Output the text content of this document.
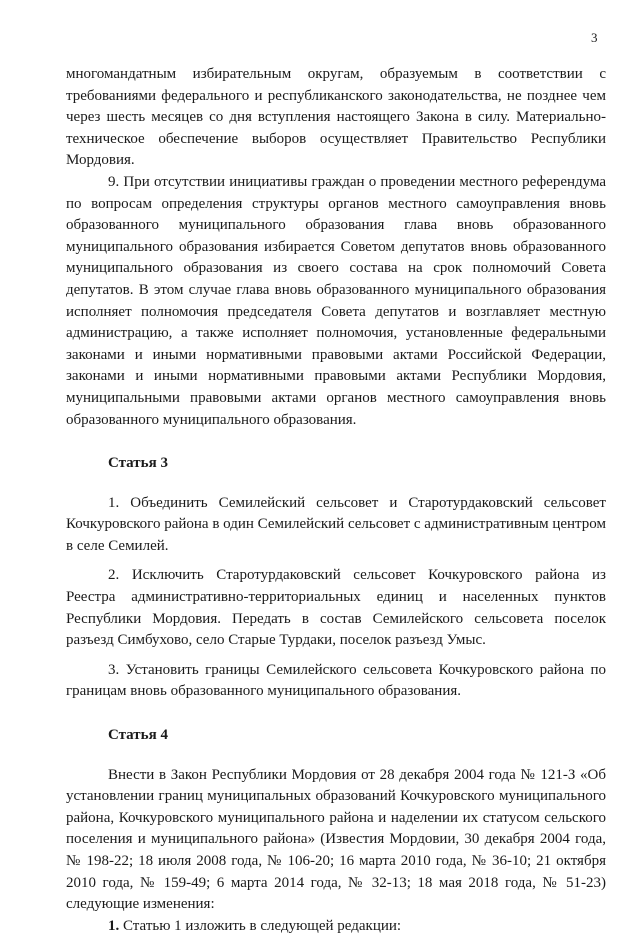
3

многомандатным избирательным округам, образуемым в соответствии с требованиями федерального и республиканского законодательства, не позднее чем через шесть месяцев со дня вступления настоящего Закона в силу. Материально-техническое обеспечение выборов осуществляет Правительство Республики Мордовия.

9. При отсутствии инициативы граждан о проведении местного референдума по вопросам определения структуры органов местного самоуправления вновь образованного муниципального образования глава вновь образованного муниципального образования избирается Советом депутатов вновь образованного муниципального образования из своего состава на срок полномочий Совета депутатов. В этом случае глава вновь образованного муниципального образования исполняет полномочия председателя Совета депутатов и возглавляет местную администрацию, а также исполняет полномочия, установленные федеральными законами и иными нормативными правовыми актами Российской Федерации, законами и иными нормативными правовыми актами Республики Мордовия, муниципальными правовыми актами органов местного самоуправления вновь образованного муниципального образования.

Статья 3

1. Объединить Семилейский сельсовет и Старотурдаковский сельсовет Кочкуровского района в один Семилейский сельсовет с административным центром в селе Семилей.

2. Исключить Старотурдаковский сельсовет Кочкуровского района из Реестра административно-территориальных единиц и населенных пунктов Республики Мордовия. Передать в состав Семилейского сельсовета поселок разъезд Симбухово, село Старые Турдаки, поселок разъезд Умыс.

3. Установить границы Семилейского сельсовета Кочкуровского района по границам вновь образованного муниципального образования.

Статья 4

Внести в Закон Республики Мордовия от 28 декабря 2004 года № 121-З «Об установлении границ муниципальных образований Кочкуровского муниципального района, Кочкуровского муниципального района и наделении их статусом сельского поселения и муниципального района» (Известия Мордовии, 30 декабря 2004 года, № 198-22; 18 июля 2008 года, № 106-20; 16 марта 2010 года, № 36-10; 21 октября 2010 года, № 159-49; 6 марта 2014 года, № 32-13; 18 мая 2018 года, № 51-23) следующие изменения:

1. Статью 1 изложить в следующей редакции:
